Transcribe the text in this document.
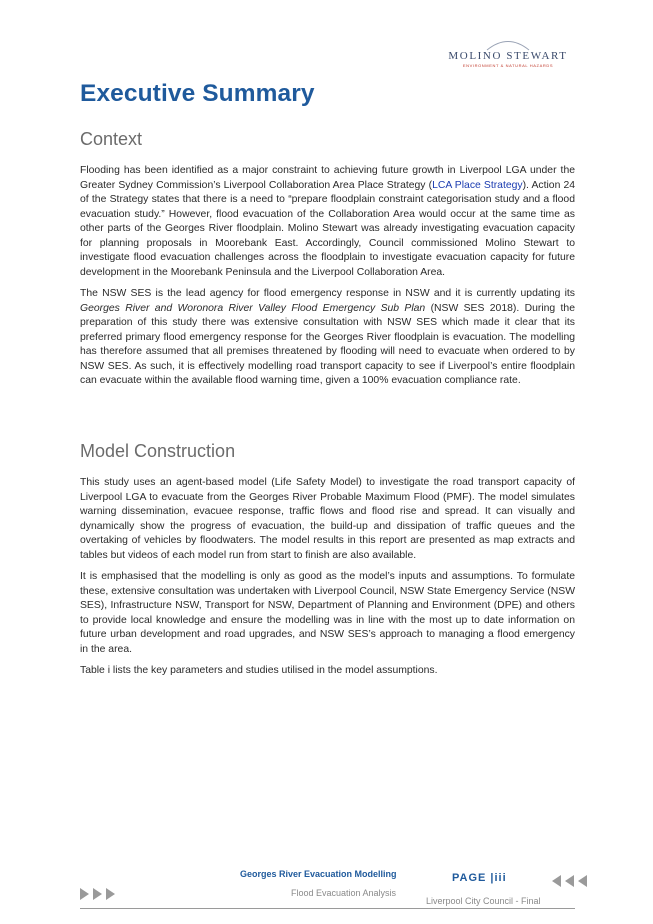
MOLINO STEWART
ENVIRONMENT & NATURAL HAZARDS
Executive Summary
Context

Flooding has been identified as a major constraint to achieving future growth in Liverpool LGA under the Greater Sydney Commission’s Liverpool Collaboration Area Place Strategy (LCA Place Strategy). Action 24 of the Strategy states that there is a need to “prepare floodplain constraint categorisation study and a flood evacuation study.” However, flood evacuation of the Collaboration Area would occur at the same time as other parts of the Georges River floodplain. Molino Stewart was already investigating evacuation capacity for planning proposals in Moorebank East. Accordingly, Council commissioned Molino Stewart to investigate flood evacuation challenges across the floodplain to investigate evacuation capacity for future development in the Moorebank Peninsula and the Liverpool Collaboration Area.

The NSW SES is the lead agency for flood emergency response in NSW and it is currently updating its Georges River and Woronora River Valley Flood Emergency Sub Plan (NSW SES 2018). During the preparation of this study there was extensive consultation with NSW SES which made it clear that its preferred primary flood emergency response for the Georges River floodplain is evacuation. The modelling has therefore assumed that all premises threatened by flooding will need to evacuate when ordered to by NSW SES. As such, it is effectively modelling road transport capacity to see if Liverpool’s entire floodplain can evacuate within the available flood warning time, given a 100% evacuation compliance rate.

Model Construction

This study uses an agent-based model (Life Safety Model) to investigate the road transport capacity of Liverpool LGA to evacuate from the Georges River Probable Maximum Flood (PMF). The model simulates warning dissemination, evacuee response, traffic flows and flood rise and spread. It can visually and dynamically show the progress of evacuation, the build-up and dissipation of traffic queues and the overtaking of vehicles by floodwaters. The model results in this report are presented as map extracts and tables but videos of each model run from start to finish are also available.

It is emphasised that the modelling is only as good as the model’s inputs and assumptions. To formulate these, extensive consultation was undertaken with Liverpool Council, NSW State Emergency Service (NSW SES), Infrastructure NSW, Transport for NSW, Department of Planning and Environment (DPE) and others to provide local knowledge and ensure the modelling was in line with the most up to date information on future urban development and road upgrades, and NSW SES’s approach to managing a flood emergency in the area.

Table i lists the key parameters and studies utilised in the model assumptions.

Georges River Evacuation Modelling
Flood Evacuation Analysis
PAGE |iii
Liverpool City Council - Final
